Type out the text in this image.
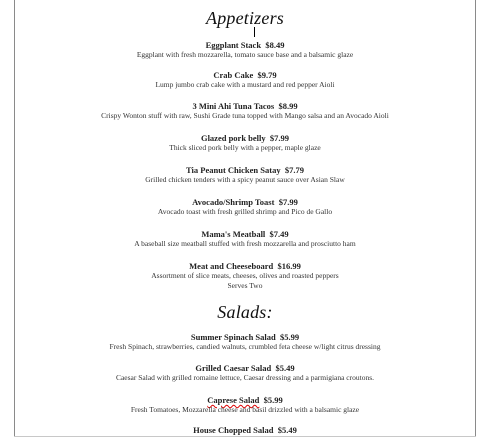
Appetizers
Eggplant Stack $8.49
Eggplant with fresh mozzarella, tomato sauce base and a balsamic glaze
Crab Cake $9.79
Lump jumbo crab cake with a mustard and red pepper Aioli
3 Mini Ahi Tuna Tacos $8.99
Crispy Wonton stuff with raw, Sushi Grade tuna topped with Mango salsa and an Avocado Aioli
Glazed pork belly $7.99
Thick sliced pork belly with a pepper, maple glaze
Tia Peanut Chicken Satay $7.79
Grilled chicken tenders with a spicy peanut sauce over Asian Slaw
Avocado/Shrimp Toast $7.99
Avocado toast with fresh grilled shrimp and Pico de Gallo
Mama's Meatball $7.49
A baseball size meatball stuffed with fresh mozzarella and prosciutto ham
Meat and Cheeseboard $16.99
Assortment of slice meats, cheeses, olives and roasted peppers
Serves Two
Salads:
Summer Spinach Salad $5.99
Fresh Spinach, strawberries, candied walnuts, crumbled feta cheese w/light citrus dressing
Grilled Caesar Salad $5.49
Caesar Salad with grilled romaine lettuce, Caesar dressing and a parmigiana croutons.
Caprese Salad $5.99
Fresh Tomatoes, Mozzarella cheese and basil drizzled with a balsamic glaze
House Chopped Salad $5.49
